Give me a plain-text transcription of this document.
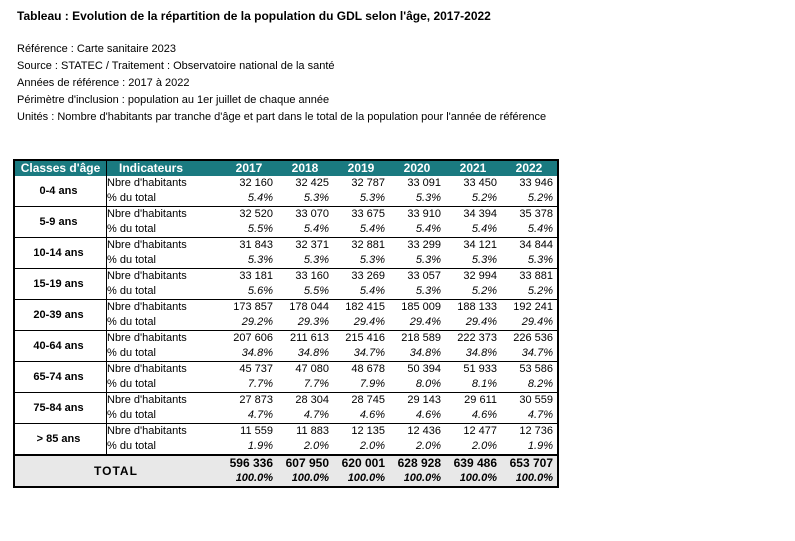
Tableau : Evolution de la répartition de la population du GDL selon l'âge, 2017-2022
Référence : Carte sanitaire 2023
Source : STATEC / Traitement : Observatoire national de la santé
Années de référence : 2017 à 2022
Périmètre d'inclusion : population au 1er juillet de chaque année
Unités : Nombre d'habitants par tranche d'âge et part dans le total de la population pour l'année de référence
Classes d'âge	Indicateurs	2017	2018	2019	2020	2021	2022
0-4 ans	Nbre d'habitants	32 160	32 425	32 787	33 091	33 450	33 946
	% du total	5.4%	5.3%	5.3%	5.3%	5.2%	5.2%
5-9 ans	Nbre d'habitants	32 520	33 070	33 675	33 910	34 394	35 378
	% du total	5.5%	5.4%	5.4%	5.4%	5.4%	5.4%
10-14 ans	Nbre d'habitants	31 843	32 371	32 881	33 299	34 121	34 844
	% du total	5.3%	5.3%	5.3%	5.3%	5.3%	5.3%
15-19 ans	Nbre d'habitants	33 181	33 160	33 269	33 057	32 994	33 881
	% du total	5.6%	5.5%	5.4%	5.3%	5.2%	5.2%
20-39 ans	Nbre d'habitants	173 857	178 044	182 415	185 009	188 133	192 241
	% du total	29.2%	29.3%	29.4%	29.4%	29.4%	29.4%
40-64 ans	Nbre d'habitants	207 606	211 613	215 416	218 589	222 373	226 536
	% du total	34.8%	34.8%	34.7%	34.8%	34.8%	34.7%
65-74 ans	Nbre d'habitants	45 737	47 080	48 678	50 394	51 933	53 586
	% du total	7.7%	7.7%	7.9%	8.0%	8.1%	8.2%
75-84 ans	Nbre d'habitants	27 873	28 304	28 745	29 143	29 611	30 559
	% du total	4.7%	4.7%	4.6%	4.6%	4.6%	4.7%
> 85 ans	Nbre d'habitants	11 559	11 883	12 135	12 436	12 477	12 736
	% du total	1.9%	2.0%	2.0%	2.0%	2.0%	1.9%
TOTAL		596 336	607 950	620 001	628 928	639 486	653 707
		100.0%	100.0%	100.0%	100.0%	100.0%	100.0%
